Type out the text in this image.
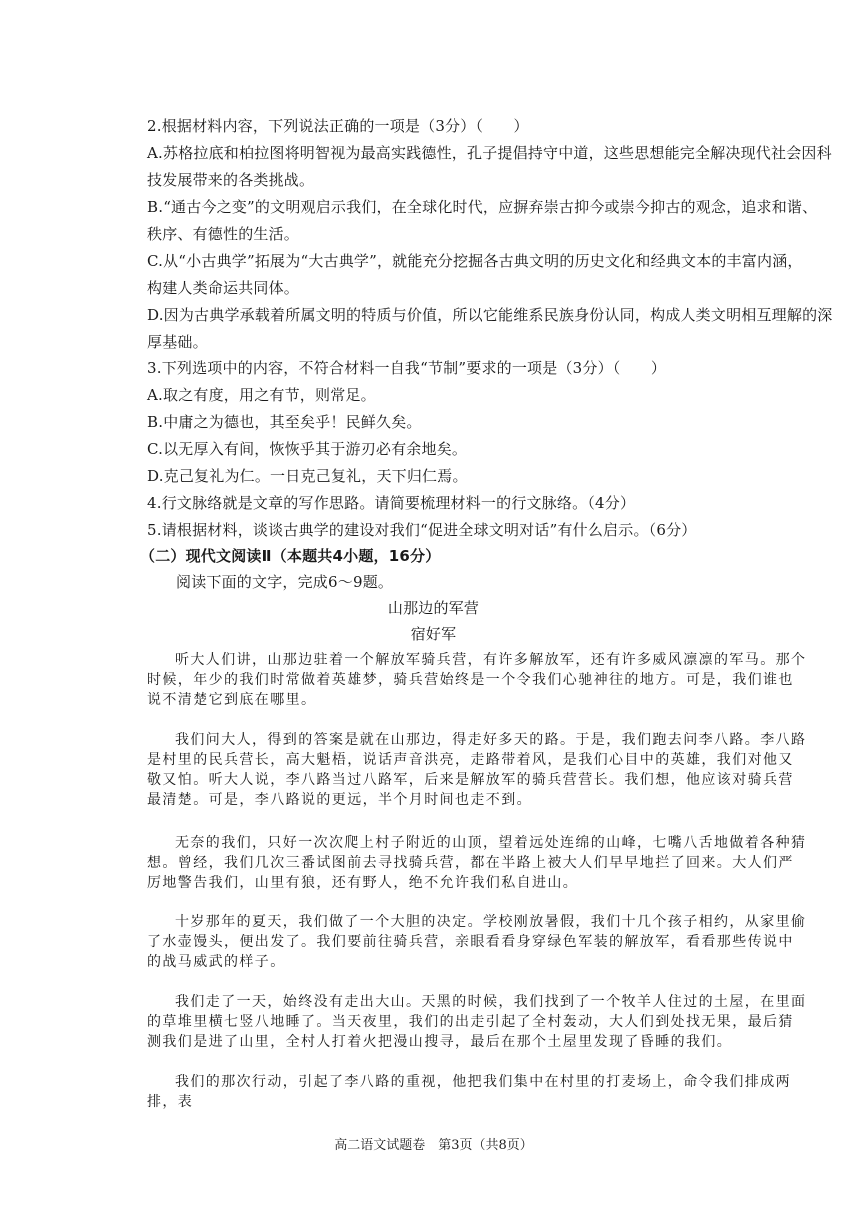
2.根据材料内容，下列说法正确的一项是（3分）（　　）
A.苏格拉底和柏拉图将明智视为最高实践德性，孔子提倡持守中道，这些思想能完全解决现代社会因科
技发展带来的各类挑战。
B.“通古今之变”的文明观启示我们，在全球化时代，应摒弃崇古抑今或崇今抑古的观念，追求和谐、
秩序、有德性的生活。
C.从“小古典学”拓展为“大古典学”，就能充分挖掘各古典文明的历史文化和经典文本的丰富内涵，
构建人类命运共同体。
D.因为古典学承载着所属文明的特质与价值，所以它能维系民族身份认同，构成人类文明相互理解的深
厚基础。
3.下列选项中的内容，不符合材料一自我“节制”要求的一项是（3分）（　　）
A.取之有度，用之有节，则常足。
B.中庸之为德也，其至矣乎！民鲜久矣。
C.以无厚入有间，恢恢乎其于游刃必有余地矣。
D.克己复礼为仁。一日克己复礼，天下归仁焉。
4.行文脉络就是文章的写作思路。请简要梳理材料一的行文脉络。（4分）
5.请根据材料，谈谈古典学的建设对我们“促进全球文明对话”有什么启示。（6分）
（二）现代文阅读Ⅱ（本题共4小题，16分）
阅读下面的文字，完成6～9题。
山那边的军营
宿好军
听大人们讲，山那边驻着一个解放军骑兵营，有许多解放军，还有许多威风凛凛的军马。那个时候，年少的我们时常做着英雄梦，骑兵营始终是一个令我们心驰神往的地方。可是，我们谁也说不清楚它到底在哪里。
我们问大人，得到的答案是就在山那边，得走好多天的路。于是，我们跑去问李八路。李八路是村里的民兵营长，高大魁梧，说话声音洪亮，走路带着风，是我们心目中的英雄，我们对他又敬又怕。听大人说，李八路当过八路军，后来是解放军的骑兵营营长。我们想，他应该对骑兵营最清楚。可是，李八路说的更远，半个月时间也走不到。
无奈的我们，只好一次次爬上村子附近的山顶，望着远处连绵的山峰，七嘴八舌地做着各种猜想。曾经，我们几次三番试图前去寻找骑兵营，都在半路上被大人们早早地拦了回来。大人们严厉地警告我们，山里有狼，还有野人，绝不允许我们私自进山。
十岁那年的夏天，我们做了一个大胆的决定。学校刚放暑假，我们十几个孩子相约，从家里偷了水壶馒头，便出发了。我们要前往骑兵营，亲眼看看身穿绿色军装的解放军，看看那些传说中的战马威武的样子。
我们走了一天，始终没有走出大山。天黑的时候，我们找到了一个牧羊人住过的土屋，在里面的草堆里横七竖八地睡了。当天夜里，我们的出走引起了全村轰动，大人们到处找无果，最后猜测我们是进了山里，全村人打着火把漫山搜寻，最后在那个土屋里发现了昏睡的我们。
我们的那次行动，引起了李八路的重视，他把我们集中在村里的打麦场上，命令我们排成两排，表
高二语文试题卷　第3页（共8页）
